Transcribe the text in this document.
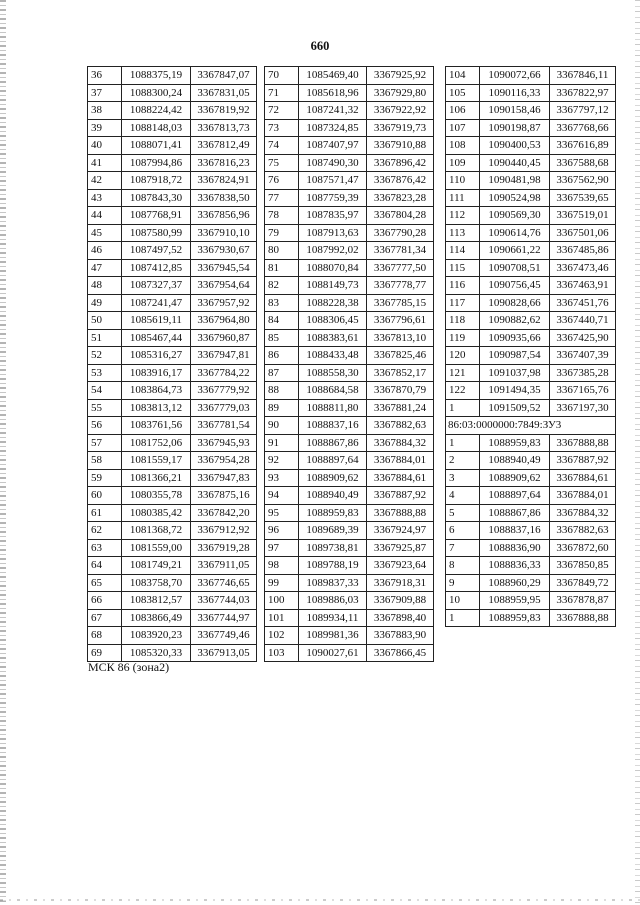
660
36	1088375,19	3367847,07
37	1088300,24	3367831,05
38	1088224,42	3367819,92
39	1088148,03	3367813,73
40	1088071,41	3367812,49
41	1087994,86	3367816,23
42	1087918,72	3367824,91
43	1087843,30	3367838,50
44	1087768,91	3367856,96
45	1087580,99	3367910,10
46	1087497,52	3367930,67
47	1087412,85	3367945,54
48	1087327,37	3367954,64
49	1087241,47	3367957,92
50	1085619,11	3367964,80
51	1085467,44	3367960,87
52	1085316,27	3367947,81
53	1083916,17	3367784,22
54	1083864,73	3367779,92
55	1083813,12	3367779,03
56	1083761,56	3367781,54
57	1081752,06	3367945,93
58	1081559,17	3367954,28
59	1081366,21	3367947,83
60	1080355,78	3367875,16
61	1080385,42	3367842,20
62	1081368,72	3367912,92
63	1081559,00	3367919,28
64	1081749,21	3367911,05
65	1083758,70	3367746,65
66	1083812,57	3367744,03
67	1083866,49	3367744,97
68	1083920,23	3367749,46
69	1085320,33	3367913,05
70	1085469,40	3367925,92
71	1085618,96	3367929,80
72	1087241,32	3367922,92
73	1087324,85	3367919,73
74	1087407,97	3367910,88
75	1087490,30	3367896,42
76	1087571,47	3367876,42
77	1087759,39	3367823,28
78	1087835,97	3367804,28
79	1087913,63	3367790,28
80	1087992,02	3367781,34
81	1088070,84	3367777,50
82	1088149,73	3367778,77
83	1088228,38	3367785,15
84	1088306,45	3367796,61
85	1088383,61	3367813,10
86	1088433,48	3367825,46
87	1088558,30	3367852,17
88	1088684,58	3367870,79
89	1088811,80	3367881,24
90	1088837,16	3367882,63
91	1088867,86	3367884,32
92	1088897,64	3367884,01
93	1088909,62	3367884,61
94	1088940,49	3367887,92
95	1088959,83	3367888,88
96	1089689,39	3367924,97
97	1089738,81	3367925,87
98	1089788,19	3367923,64
99	1089837,33	3367918,31
100	1089886,03	3367909,88
101	1089934,11	3367898,40
102	1089981,36	3367883,90
103	1090027,61	3367866,45
104	1090072,66	3367846,11
105	1090116,33	3367822,97
106	1090158,46	3367797,12
107	1090198,87	3367768,66
108	1090400,53	3367616,89
109	1090440,45	3367588,68
110	1090481,98	3367562,90
111	1090524,98	3367539,65
112	1090569,30	3367519,01
113	1090614,76	3367501,06
114	1090661,22	3367485,86
115	1090708,51	3367473,46
116	1090756,45	3367463,91
117	1090828,66	3367451,76
118	1090882,62	3367440,71
119	1090935,66	3367425,90
120	1090987,54	3367407,39
121	1091037,98	3367385,28
122	1091494,35	3367165,76
1	1091509,52	3367197,30
86:03:0000000:7849:ЗУ3		
1	1088959,83	3367888,88
2	1088940,49	3367887,92
3	1088909,62	3367884,61
4	1088897,64	3367884,01
5	1088867,86	3367884,32
6	1088837,16	3367882,63
7	1088836,90	3367872,60
8	1088836,33	3367850,85
9	1088960,29	3367849,72
10	1088959,95	3367878,87
1	1088959,83	3367888,88
МСК 86 (зона2)
